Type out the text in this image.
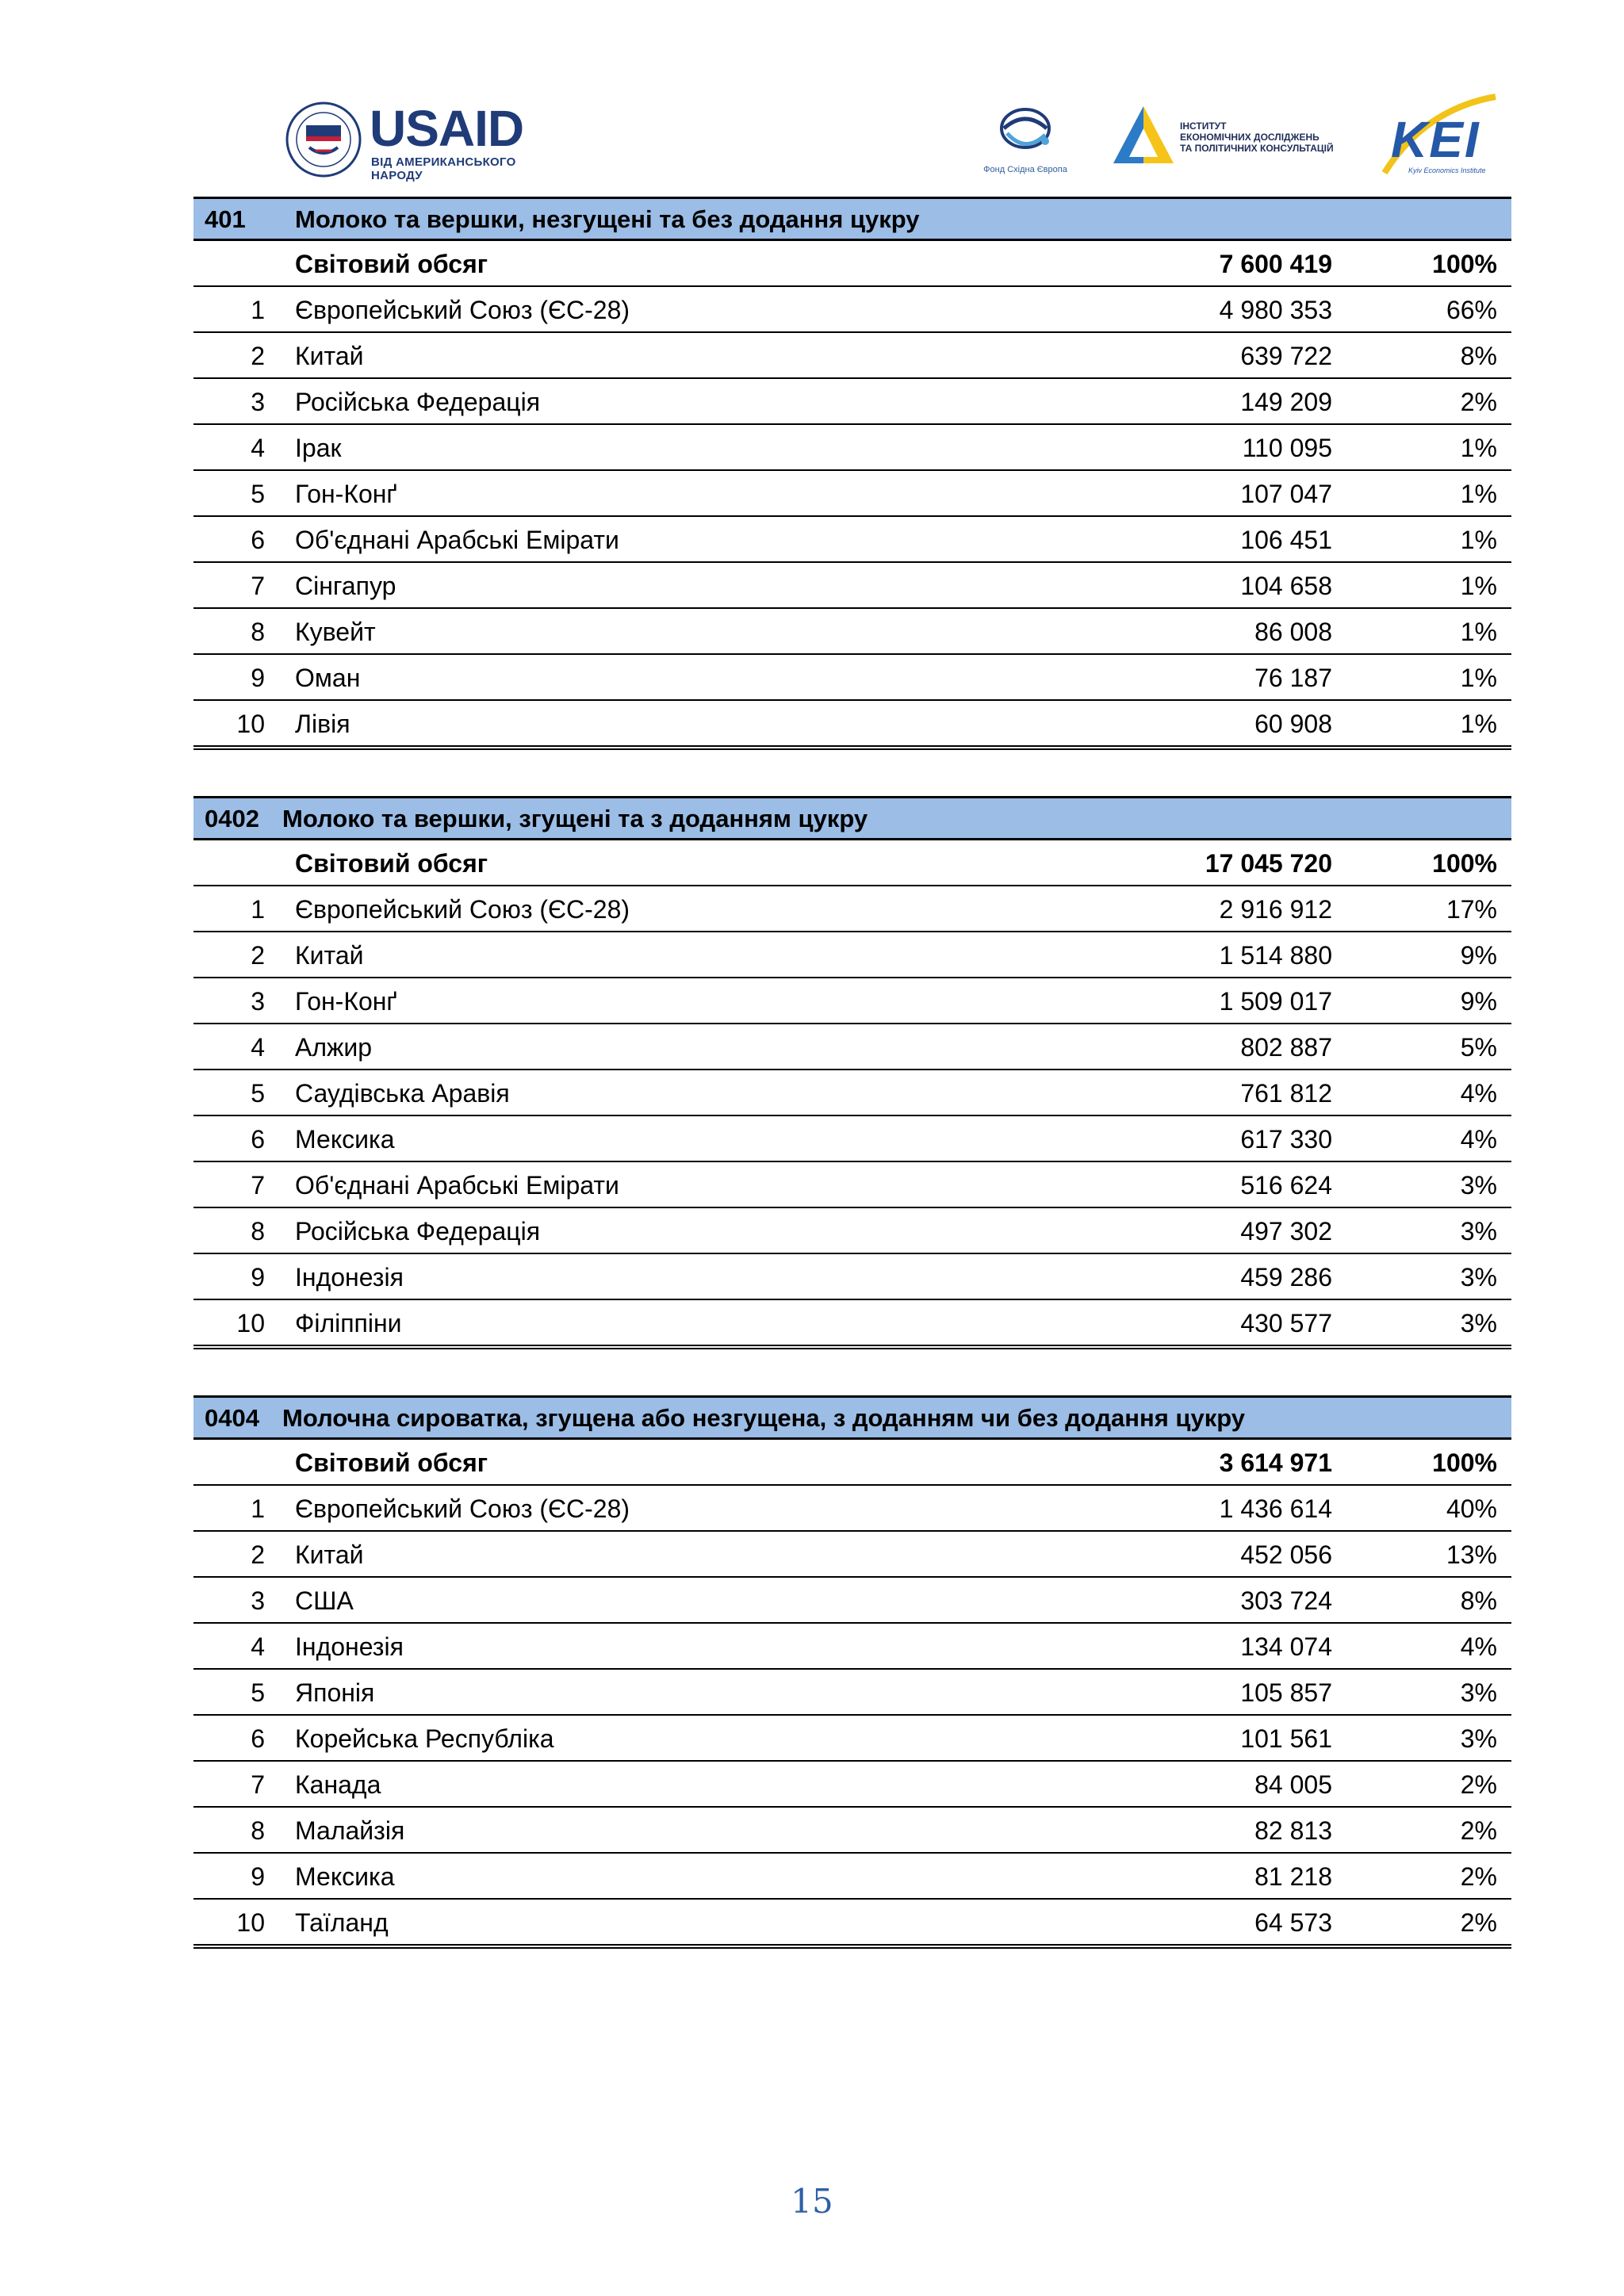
USAID
ВІД АМЕРИКАНСЬКОГО НАРОДУ	Фонд Східна Європа
ІНСТИТУТ
ЕКОНОМІЧНИХ ДОСЛІДЖЕНЬ
ТА ПОЛІТИЧНИХ КОНСУЛЬТАЦІЙ KEI
Kyiv Economics Institute
401 Молоко та вершки, незгущені та без додання цукру
Світовий обсяг	7 600 419	100%
1 Європейський Союз (ЄС-28)	4 980 353	66%
2 Китай	639 722	8%
3 Російська Федерація	149 209	2%
4 Ірак	110 095	1%
5 Гон-Конґ	107 047	1%
6 Об'єднані Арабські Емірати	106 451	1%
7 Сінгапур	104 658	1%
8 Кувейт	86 008	1%
9 Оман	76 187	1%
10 Лівія	60 908	1%
0402 Молоко та вершки, згущені та з доданням цукру
Світовий обсяг	17 045 720	100%
1 Європейський Союз (ЄС-28)	2 916 912	17%
2 Китай	1 514 880	9%
3 Гон-Конґ	1 509 017	9%
4 Алжир	802 887	5%
5 Саудівська Аравія	761 812	4%
6 Мексика	617 330	4%
7 Об'єднані Арабські Емірати	516 624	3%
8 Російська Федерація	497 302	3%
9 Індонезія	459 286	3%
10 Філіппіни	430 577	3%
0404 Молочна сироватка, згущена або незгущена, з доданням чи без додання цукру
Світовий обсяг	3 614 971	100%
1 Європейський Союз (ЄС-28)	1 436 614	40%
2 Китай	452 056	13%
3 США	303 724	8%
4 Індонезія	134 074	4%
5 Японія	105 857	3%
6 Корейська Республіка	101 561	3%
7 Канада	84 005	2%
8 Малайзія	82 813	2%
9 Мексика	81 218	2%
10 Таїланд	64 573	2%
15
